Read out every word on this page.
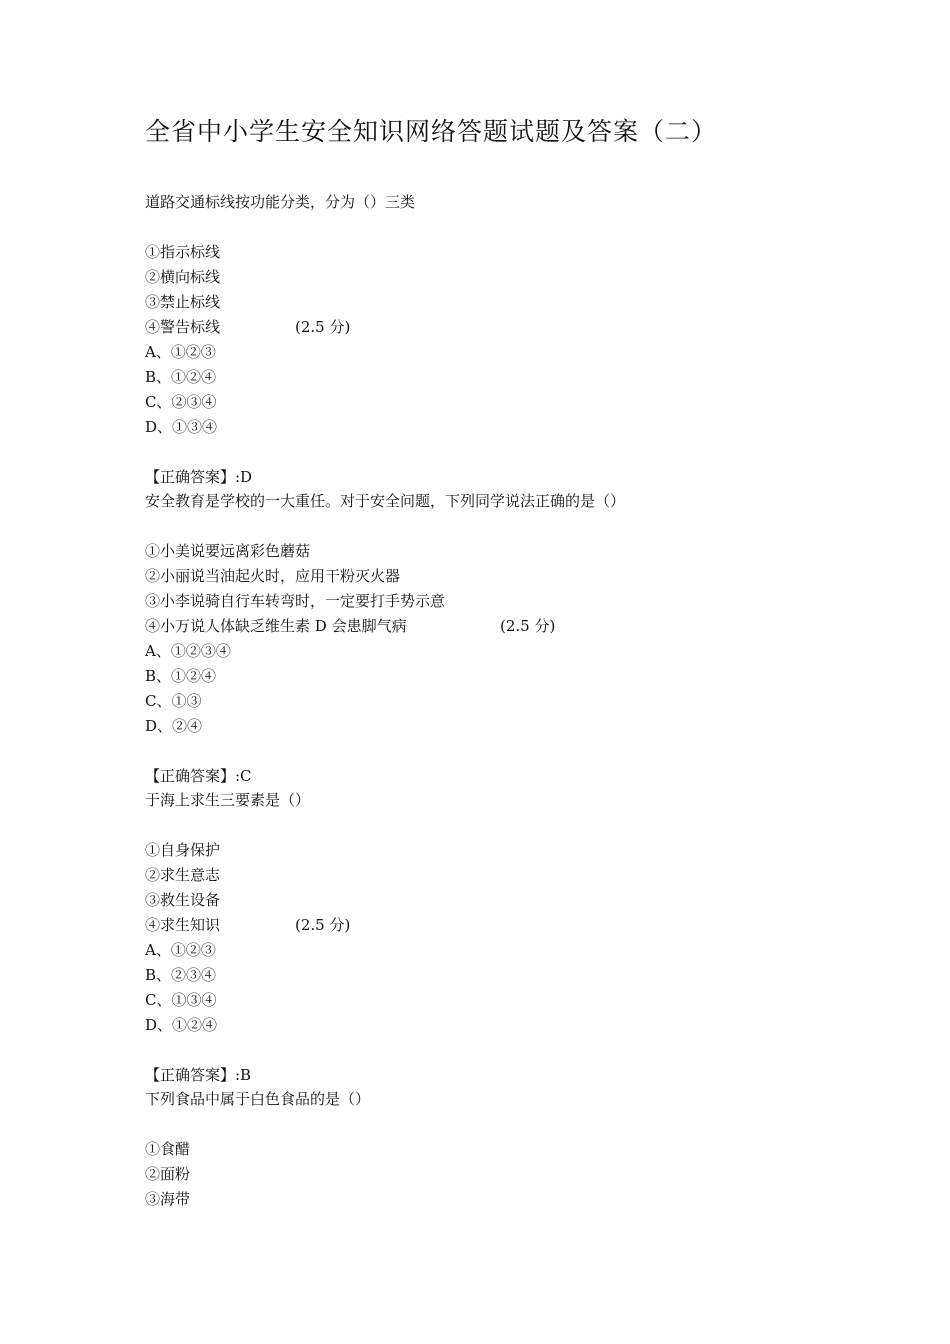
全省中小学生安全知识网络答题试题及答案（二）
道路交通标线按功能分类，分为（）三类
①指示标线
②横向标线
③禁止标线
④警告标线	(2.5 分)
A、①②③
B、①②④
C、②③④
D、①③④
【正确答案】:D
安全教育是学校的一大重任。对于安全问题，下列同学说法正确的是（）
①小美说要远离彩色蘑菇
②小丽说当油起火时，应用干粉灭火器
③小李说骑自行车转弯时，一定要打手势示意
④小万说人体缺乏维生素 D 会患脚气病	(2.5 分)
A、①②③④
B、①②④
C、①③
D、②④
【正确答案】:C
于海上求生三要素是（）
①自身保护
②求生意志
③救生设备
④求生知识	(2.5 分)
A、①②③
B、②③④
C、①③④
D、①②④
【正确答案】:B
下列食品中属于白色食品的是（）
①食醋
②面粉
③海带
